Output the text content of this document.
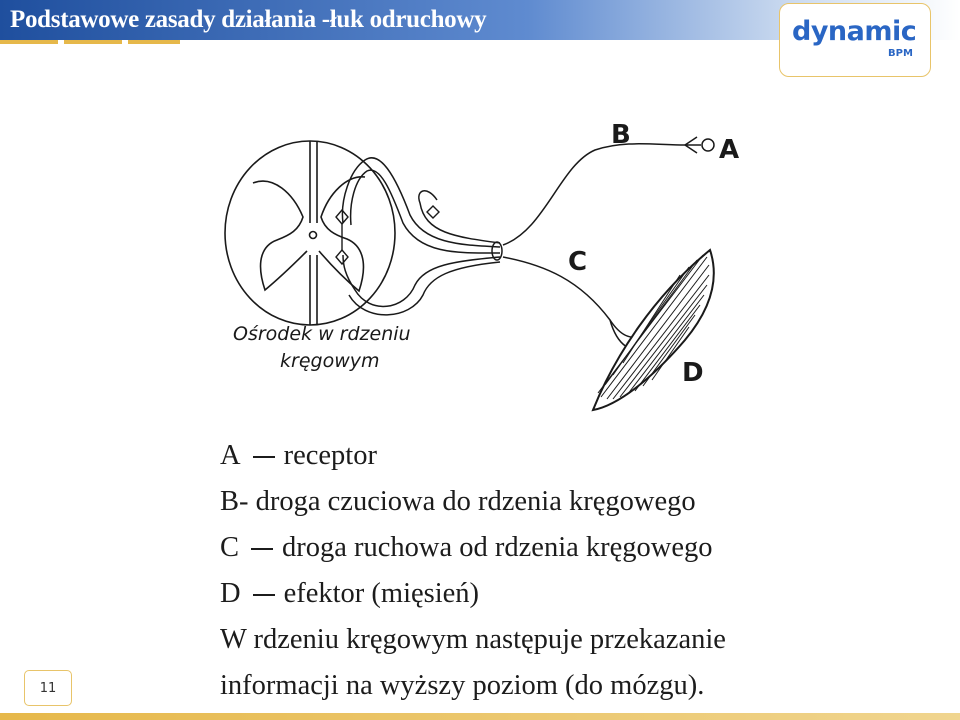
Podstawowe zasady działania -łuk odruchowy	dynamic
BPM
B	A
C
D
Ośrodek w rdzeniu
kręgowym
A receptor
B- droga czuciowa do rdzenia kręgowego
C droga ruchowa od rdzenia kręgowego
D efektor (mięsień)
W rdzeniu kręgowym następuje przekazanie
informacji na wyższy poziom (do mózgu).
11
